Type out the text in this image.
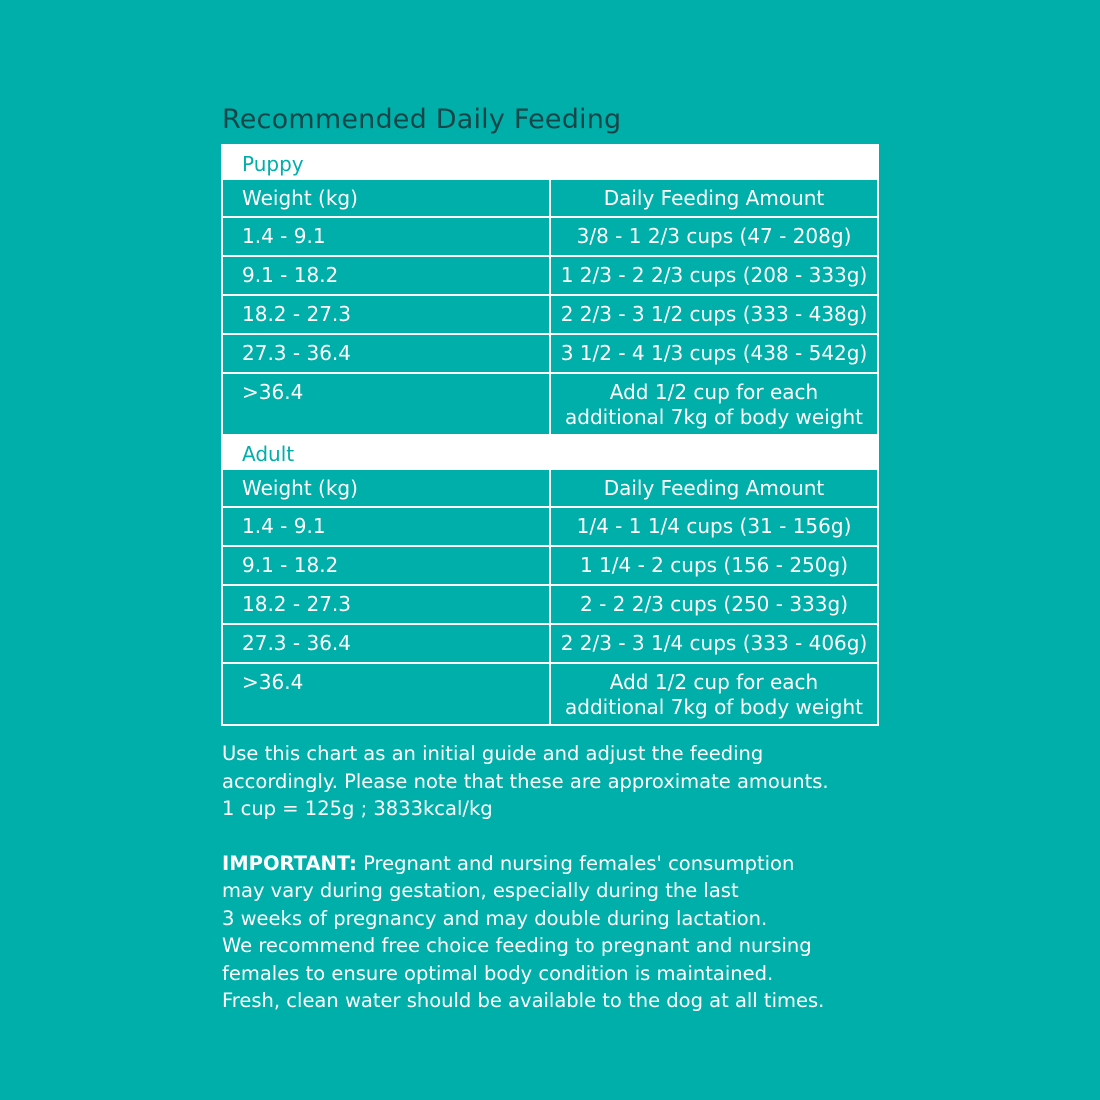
Recommended Daily Feeding
Puppy	
Weight (kg)	Daily Feeding Amount
1.4 - 9.1	3/8 - 1 2/3 cups (47 - 208g)
9.1 - 18.2	1 2/3 - 2 2/3 cups (208 - 333g)
18.2 - 27.3	2 2/3 - 3 1/2 cups (333 - 438g)
27.3 - 36.4	3 1/2 - 4 1/3 cups (438 - 542g)
>36.4	Add 1/2 cup for each
additional 7kg of body weight

Adult	
Weight (kg)	Daily Feeding Amount
1.4 - 9.1	1/4 - 1 1/4 cups (31 - 156g)
9.1 - 18.2	1 1/4 - 2 cups (156 - 250g)
18.2 - 27.3	2 - 2 2/3 cups (250 - 333g)
27.3 - 36.4	2 2/3 - 3 1/4 cups (333 - 406g)
>36.4	Add 1/2 cup for each
additional 7kg of body weight

Use this chart as an initial guide and adjust the feeding

accordingly. Please note that these are approximate amounts.

1 cup = 125g ; 3833kcal/kg

IMPORTANT: Pregnant and nursing females' consumption

may vary during gestation, especially during the last

3 weeks of pregnancy and may double during lactation.

We recommend free choice feeding to pregnant and nursing

females to ensure optimal body condition is maintained.

Fresh, clean water should be available to the dog at all times.
